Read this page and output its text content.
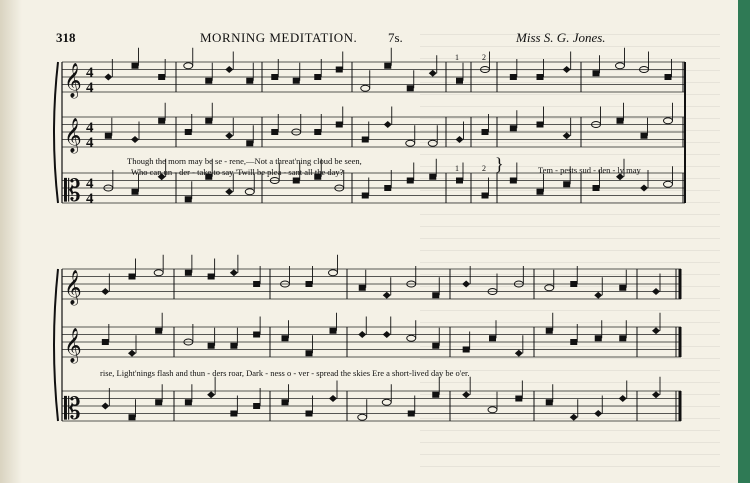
318	MORNING MEDITATION. 7s.	Miss S. G. Jones.
𝄞 4
4
𝄞 4
4
𝄡 4
4
1	2
1	2 }
𝄞
𝄞
𝄡
Though the morn may be se - rene,—Not a threat'ning cloud be seen,
Who can un - der - take to say 'Twill be plea - sant all the day?	Tem - pests sud - den - ly may
rise, Light'nings flash and thun - ders roar, Dark - ness o - ver - spread the skies Ere a short-lived day be o'er.
